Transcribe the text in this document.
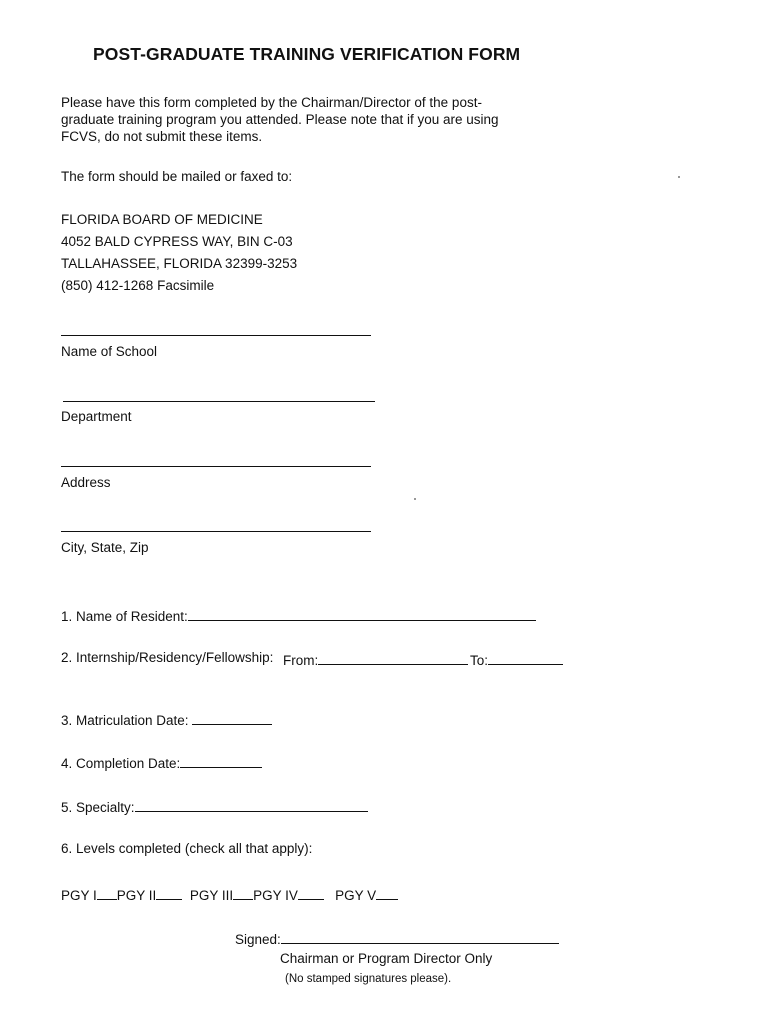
POST-GRADUATE TRAINING VERIFICATION FORM
Please have this form completed by the Chairman/Director of the post-
graduate training program you attended. Please note that if you are using
FCVS, do not submit these items.
The form should be mailed or faxed to:
FLORIDA BOARD OF MEDICINE
4052 BALD CYPRESS WAY, BIN C-03
TALLAHASSEE, FLORIDA 32399-3253
(850) 412-1268 Facsimile
Name of School
Department
Address
City, State, Zip
1. Name of Resident:
2. Internship/Residency/Fellowship: From:	To:
3. Matriculation Date:
4. Completion Date:
5. Specialty:
6. Levels completed (check all that apply):
PGY I PGY II PGY III PGY IV	PGY V
Signed:
Chairman or Program Director Only
(No stamped signatures please).
